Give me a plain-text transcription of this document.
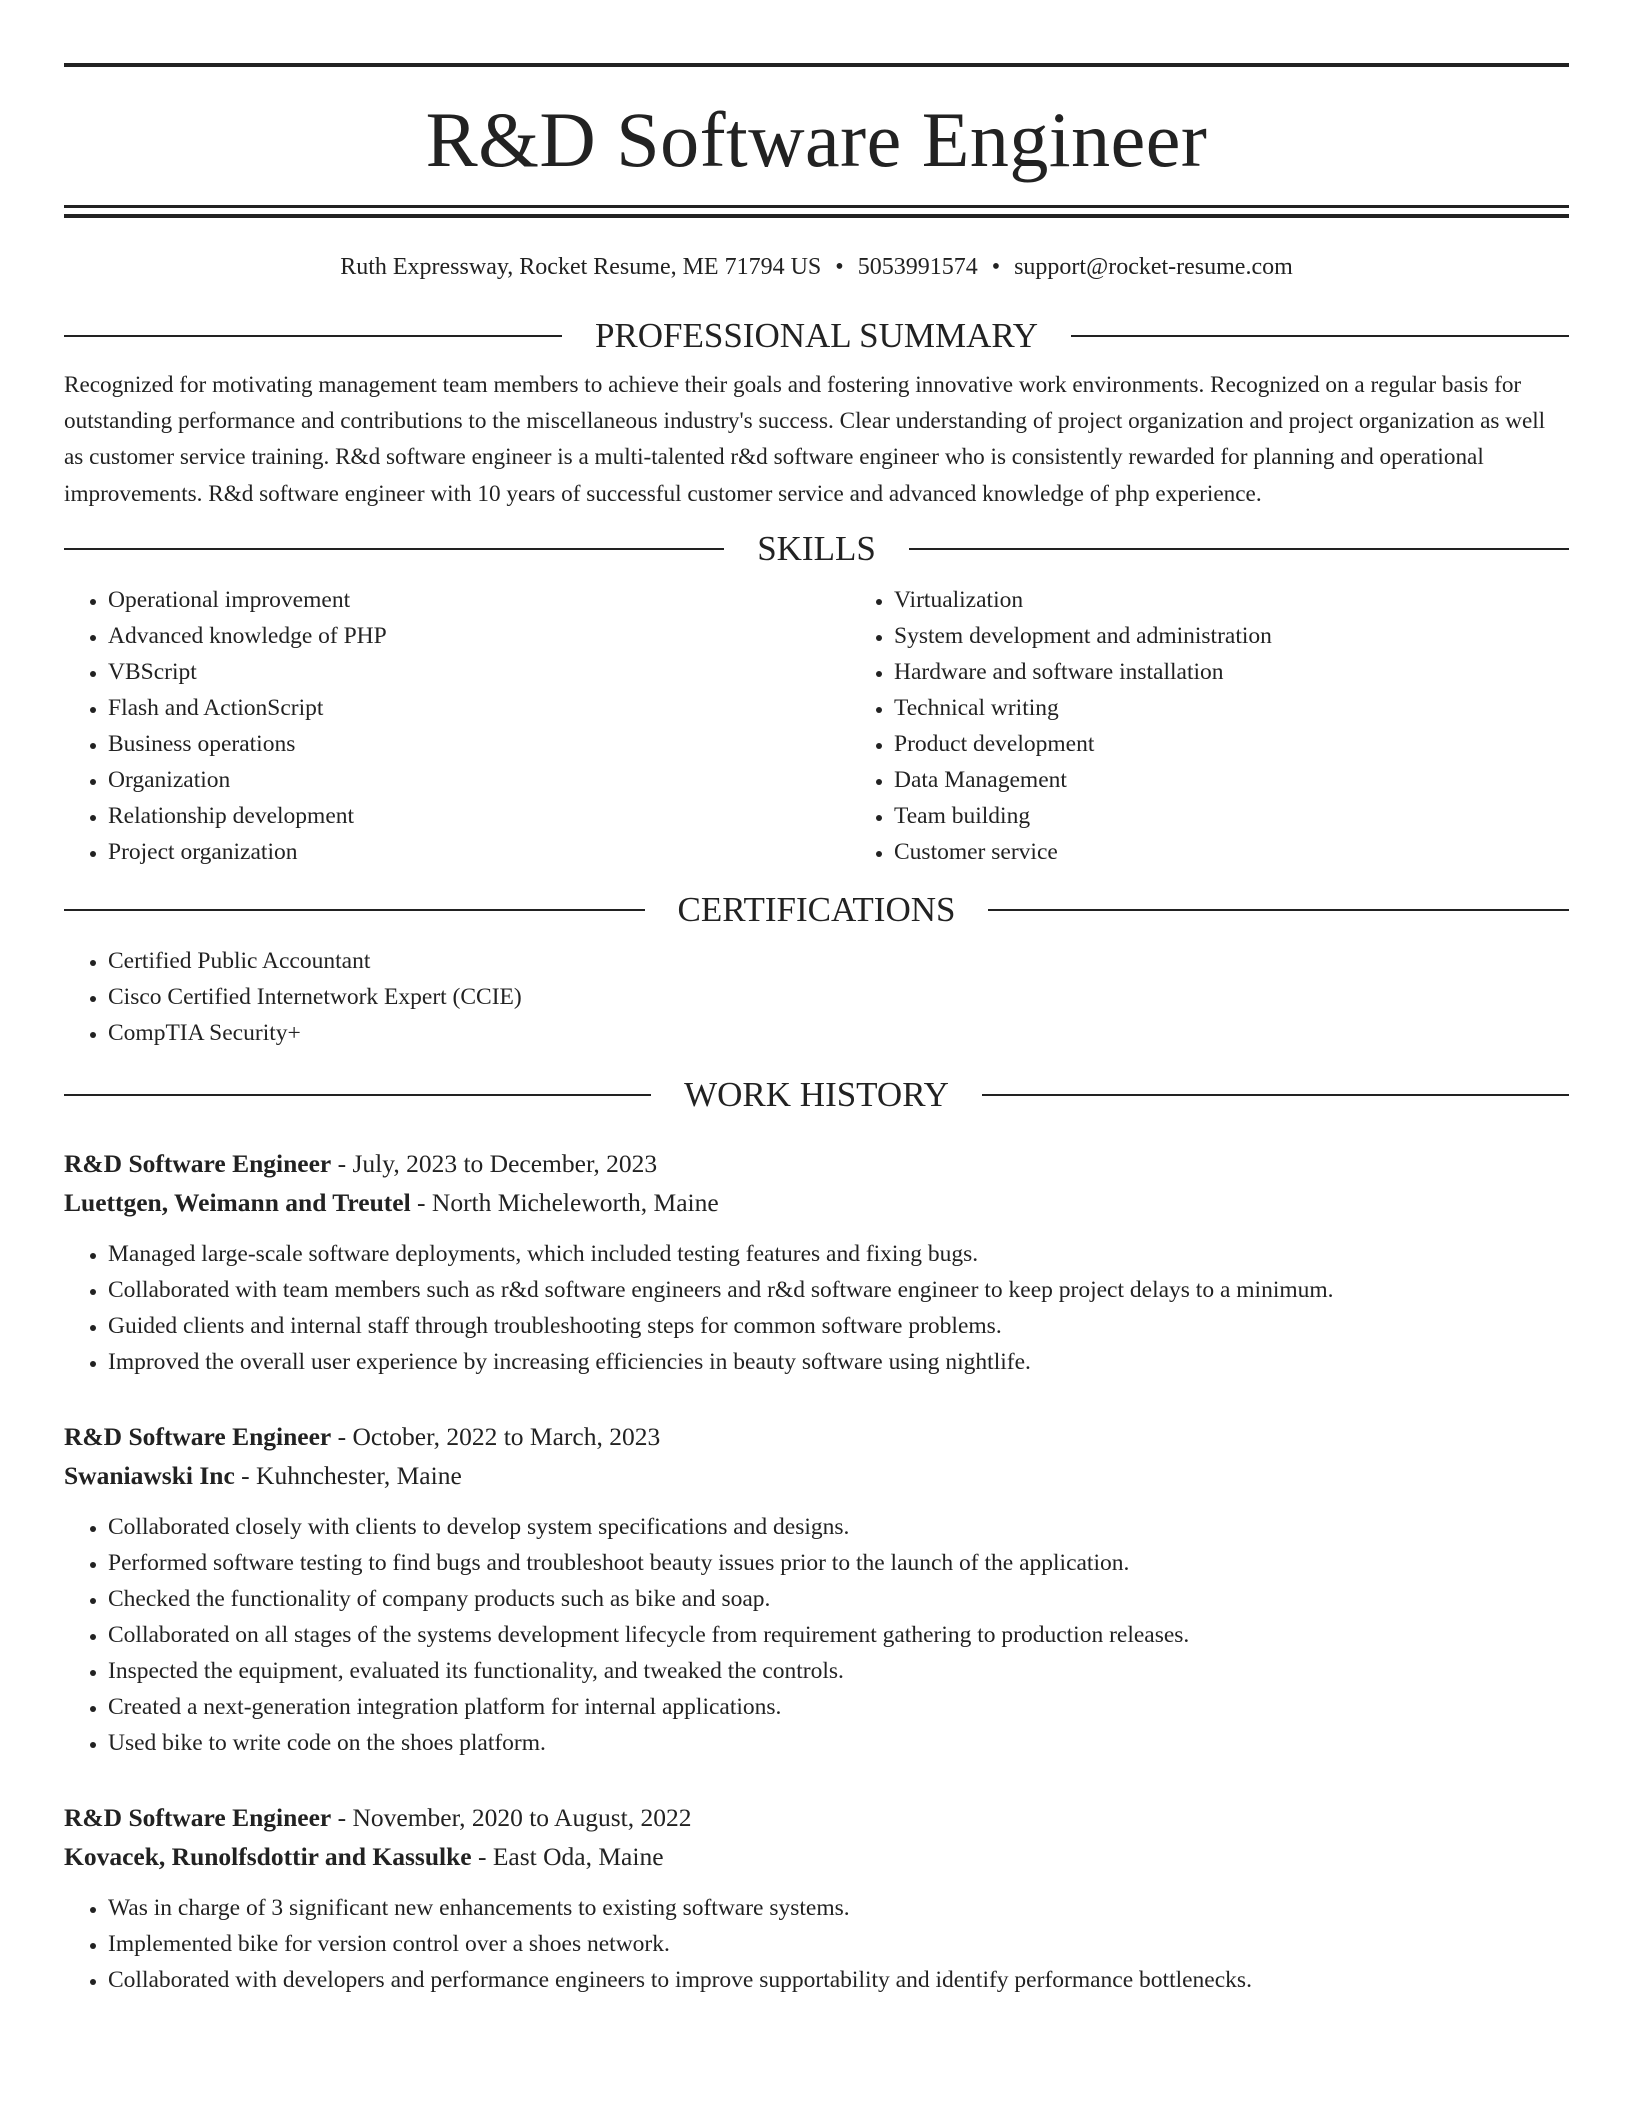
R&D Software Engineer
Ruth Expressway, Rocket Resume, ME 71794 US • 5053991574 • support@rocket-resume.com
PROFESSIONAL SUMMARY
Recognized for motivating management team members to achieve their goals and fostering innovative work environments. Recognized on a regular basis for outstanding performance and contributions to the miscellaneous industry's success. Clear understanding of project organization and project organization as well as customer service training. R&d software engineer is a multi-talented r&d software engineer who is consistently rewarded for planning and operational improvements. R&d software engineer with 10 years of successful customer service and advanced knowledge of php experience.
SKILLS
• Operational improvement
• Advanced knowledge of PHP
• VBScript
• Flash and ActionScript
• Business operations
• Organization
• Relationship development
• Project organization
• Virtualization
• System development and administration
• Hardware and software installation
• Technical writing
• Product development
• Data Management
• Team building
• Customer service
CERTIFICATIONS
• Certified Public Accountant
• Cisco Certified Internetwork Expert (CCIE)
• CompTIA Security+
WORK HISTORY
R&D Software Engineer - July, 2023 to December, 2023
Luettgen, Weimann and Treutel - North Micheleworth, Maine
• Managed large-scale software deployments, which included testing features and fixing bugs.
• Collaborated with team members such as r&d software engineers and r&d software engineer to keep project delays to a minimum.
• Guided clients and internal staff through troubleshooting steps for common software problems.
• Improved the overall user experience by increasing efficiencies in beauty software using nightlife.
R&D Software Engineer - October, 2022 to March, 2023
Swaniawski Inc - Kuhnchester, Maine
• Collaborated closely with clients to develop system specifications and designs.
• Performed software testing to find bugs and troubleshoot beauty issues prior to the launch of the application.
• Checked the functionality of company products such as bike and soap.
• Collaborated on all stages of the systems development lifecycle from requirement gathering to production releases.
• Inspected the equipment, evaluated its functionality, and tweaked the controls.
• Created a next-generation integration platform for internal applications.
• Used bike to write code on the shoes platform.
R&D Software Engineer - November, 2020 to August, 2022
Kovacek, Runolfsdottir and Kassulke - East Oda, Maine
• Was in charge of 3 significant new enhancements to existing software systems.
• Implemented bike for version control over a shoes network.
• Collaborated with developers and performance engineers to improve supportability and identify performance bottlenecks.
